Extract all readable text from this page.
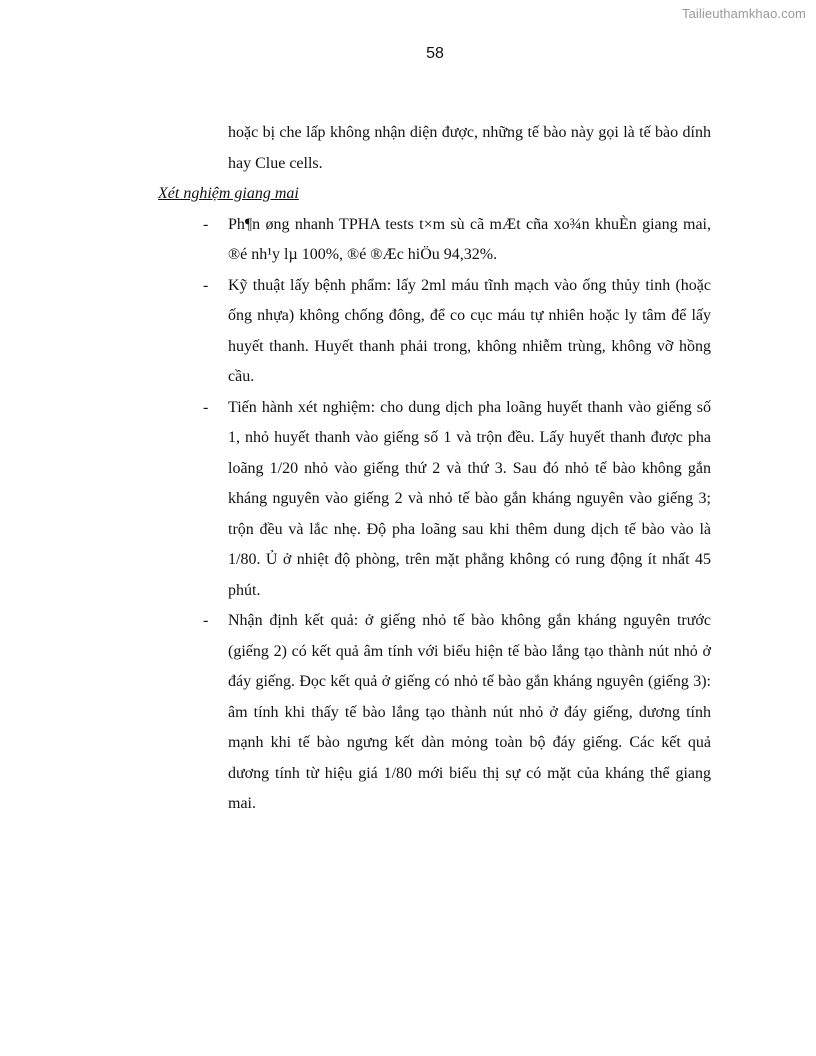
Tailieuthamkhao.com
58

hoặc bị che lấp không nhận diện được, những tế bào này gọi là tế bào dính hay Clue cells.

Xét nghiệm giang mai
- Ph¶n øng nhanh TPHA tests t×m sù cã mÆt cña xo¾n khuÈn giang mai, ®é nh¹y lµ 100%, ®é ®Æc hiÖu 94,32%.
- Kỹ thuật lấy bệnh phẩm: lấy 2ml máu tĩnh mạch vào ống thủy tinh (hoặc ống nhựa) không chống đông, để co cục máu tự nhiên hoặc ly tâm để lấy huyết thanh. Huyết thanh phải trong, không nhiễm trùng, không vỡ hồng cầu.
- Tiến hành xét nghiệm: cho dung dịch pha loãng huyết thanh vào giếng số 1, nhỏ huyết thanh vào giếng số 1 và trộn đều. Lấy huyết thanh được pha loãng 1/20 nhỏ vào giếng thứ 2 và thứ 3. Sau đó nhỏ tế bào không gắn kháng nguyên vào giếng 2 và nhỏ tế bào gắn kháng nguyên vào giếng 3; trộn đều và lắc nhẹ. Độ pha loãng sau khi thêm dung dịch tế bào vào là 1/80. Ủ ở nhiệt độ phòng, trên mặt phẳng không có rung động ít nhất 45 phút.
- Nhận định kết quả: ở giếng nhỏ tế bào không gắn kháng nguyên trước (giếng 2) có kết quả âm tính với biểu hiện tế bào lắng tạo thành nút nhỏ ở đáy giếng. Đọc kết quả ở giếng có nhỏ tế bào gắn kháng nguyên (giếng 3): âm tính khi thấy tế bào lắng tạo thành nút nhỏ ở đáy giếng, dương tính mạnh khi tế bào ngưng kết dàn mỏng toàn bộ đáy giếng. Các kết quả dương tính từ hiệu giá 1/80 mới biểu thị sự có mặt của kháng thể giang mai.
